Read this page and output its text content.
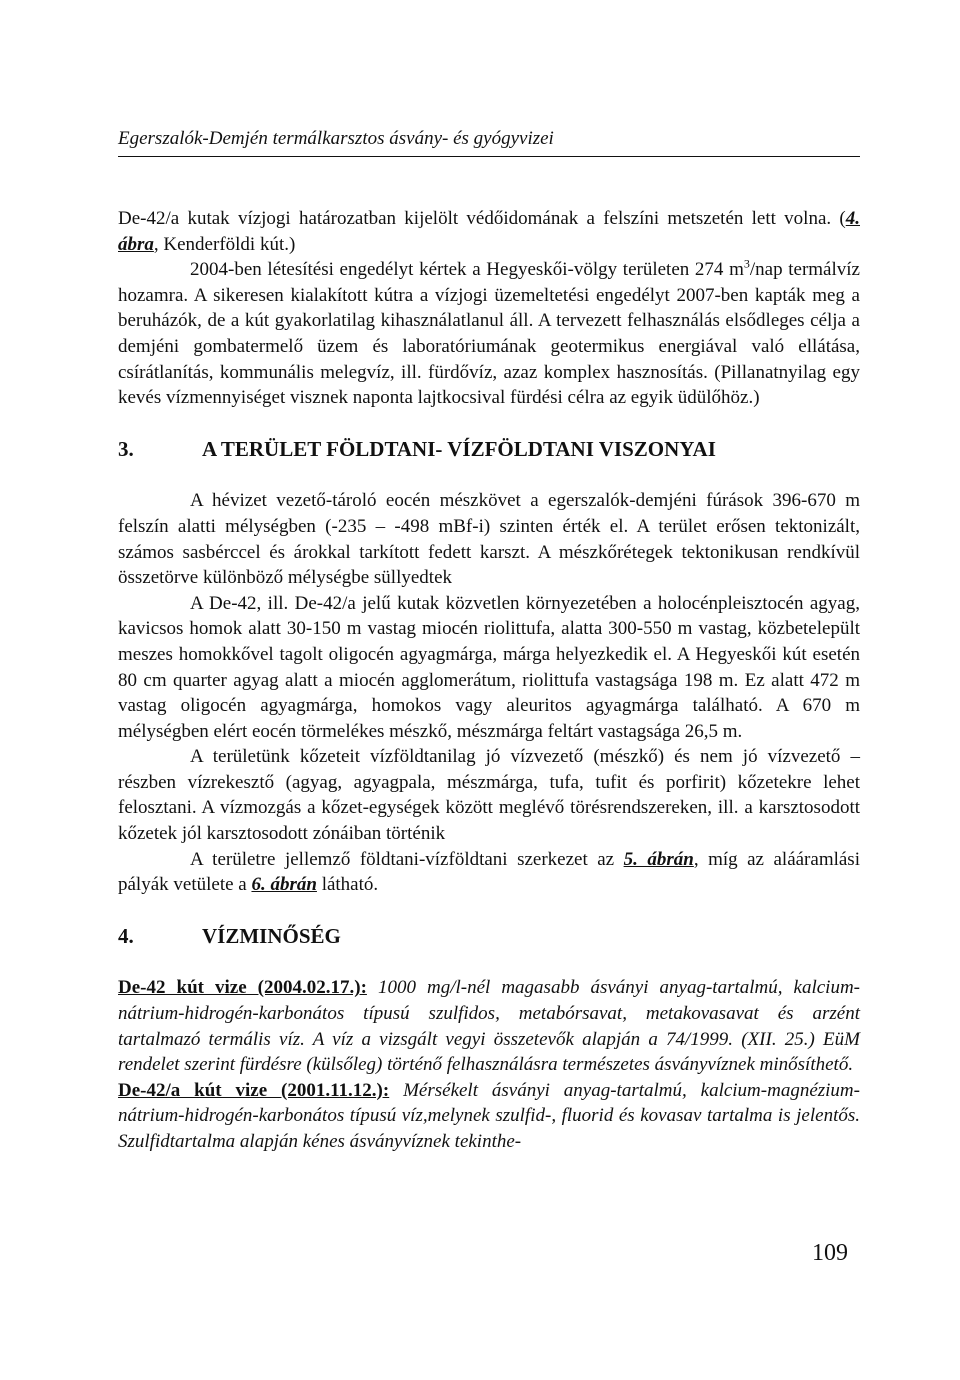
Egerszalók-Demjén termálkarsztos ásvány- és gyógyvizei

De-42/a kutak vízjogi határozatban kijelölt védőidomának a felszíni metszetén lett volna. (4. ábra, Kenderföldi kút.)

2004-ben létesítési engedélyt kértek a Hegyeskői-völgy területen 274 $m^3$/nap termálvíz hozamra. A sikeresen kialakított kútra a vízjogi üzemeltetési engedélyt 2007-ben kapták meg a beruházók, de a kút gyakorlatilag kihasználatlanul áll. A tervezett felhasználás elsődleges célja a demjéni gombatermelő üzem és laboratóriumának geotermikus energiával való ellátása, csírátlanítás, kommunális melegvíz, ill. fürdővíz, azaz komplex hasznosítás. (Pillanatnyilag egy kevés vízmennyiséget visznek naponta lajtkocsival fürdési célra az egyik üdülőhöz.)

3.	A TERÜLET FÖLDTANI- VÍZFÖLDTANI VISZONYAI

A hévizet vezető-tároló eocén mészkövet a egerszalók-demjéni fúrások 396-670 m felszín alatti mélységben (-235 – -498 mBf-i) szinten érték el. A terület erősen tektonizált, számos sasbérccel és árokkal tarkított fedett karszt. A mészkőrétegek tektonikusan rendkívül összetörve különböző mélységbe süllyedtek

A De-42, ill. De-42/a jelű kutak közvetlen környezetében a holocénpleisztocén agyag, kavicsos homok alatt 30-150 m vastag miocén riolittufa, alatta 300-550 m vastag, közbetelepült meszes homokkővel tagolt oligocén agyagmárga, márga helyezkedik el. A Hegyeskői kút esetén 80 cm quarter agyag alatt a miocén agglomerátum, riolittufa vastagsága 198 m. Ez alatt 472 m vastag oligocén agyagmárga, homokos vagy aleuritos agyagmárga található. A 670 m mélységben elért eocén törmelékes mészkő, mészmárga feltárt vastagsága 26,5 m.

A területünk kőzeteit vízföldtanilag jó vízvezető (mészkő) és nem jó vízvezető – részben vízrekesztő (agyag, agyagpala, mészmárga, tufa, tufit és porfirit) kőzetekre lehet felosztani. A vízmozgás a kőzet-egységek között meglévő törésrendszereken, ill. a karsztosodott kőzetek jól karsztosodott zónáiban történik

A területre jellemző földtani-vízföldtani szerkezet az 5. ábrán, míg az alááramlási pályák vetülete a 6. ábrán látható.

4.	VÍZMINŐSÉG

De-42 kút vize (2004.02.17.): 1000 mg/l-nél magasabb ásványi anyag-tartalmú, kalcium-nátrium-hidrogén-karbonátos típusú szulfidos, metabórsavat, metakovasavat és arzént tartalmazó termális víz. A víz a vizsgált vegyi összetevők alapján a 74/1999. (XII. 25.) EüM rendelet szerint fürdésre (külsőleg) történő felhasználásra természetes ásványvíznek minősíthető.

De-42/a kút vize (2001.11.12.): Mérsékelt ásványi anyag-tartalmú, kalcium-magnézium-nátrium-hidrogén-karbonátos típusú víz,melynek szulfid-, fluorid és kovasav tartalma is jelentős. Szulfidtartalma alapján kénes ásványvíznek tekinthe-

109
